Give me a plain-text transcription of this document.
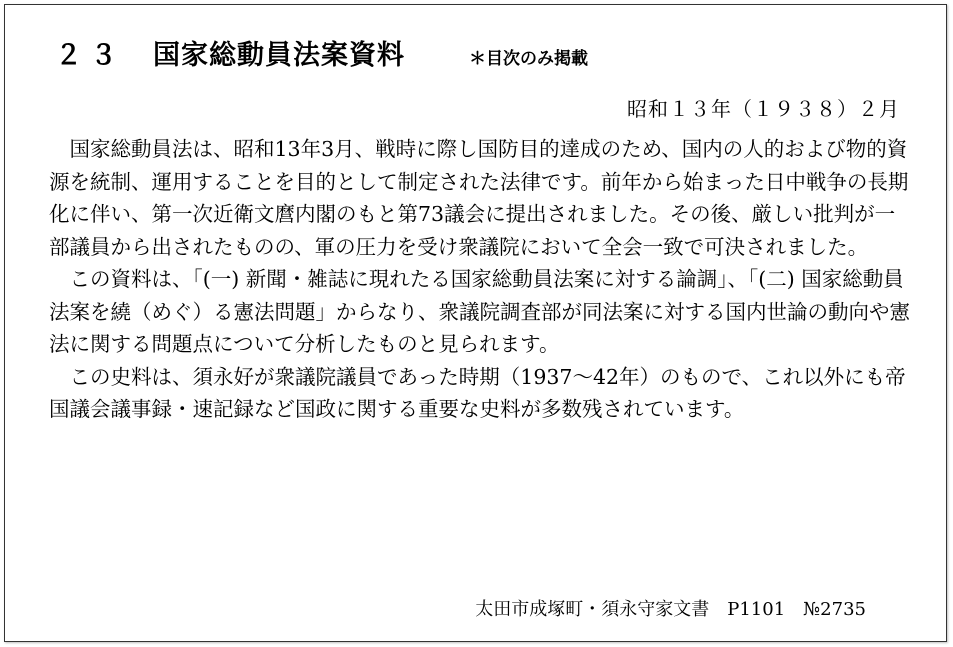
２３ 国家総動員法案資料	＊目次のみ掲載
昭和１３年（１９３８）２月

国家総動員法は、昭和13年3月、戦時に際し国防目的達成のため、国内の人的および物的資源を統制、運用することを目的として制定された法律です。前年から始まった日中戦争の長期化に伴い、第一次近衛文麿内閣のもと第73議会に提出されました。その後、厳しい批判が一部議員から出されたものの、軍の圧力を受け衆議院において全会一致で可決されました。

この資料は、「(一) 新聞・雑誌に現れたる国家総動員法案に対する論調」、「(二) 国家総動員法案を繞（めぐ）る憲法問題」からなり、衆議院調査部が同法案に対する国内世論の動向や憲法に関する問題点について分析したものと見られます。

この史料は、須永好が衆議院議員であった時期（1937～42年）のもので、これ以外にも帝国議会議事録・速記録など国政に関する重要な史料が多数残されています。

太田市成塚町・須永守家文書　P1101　№2735
